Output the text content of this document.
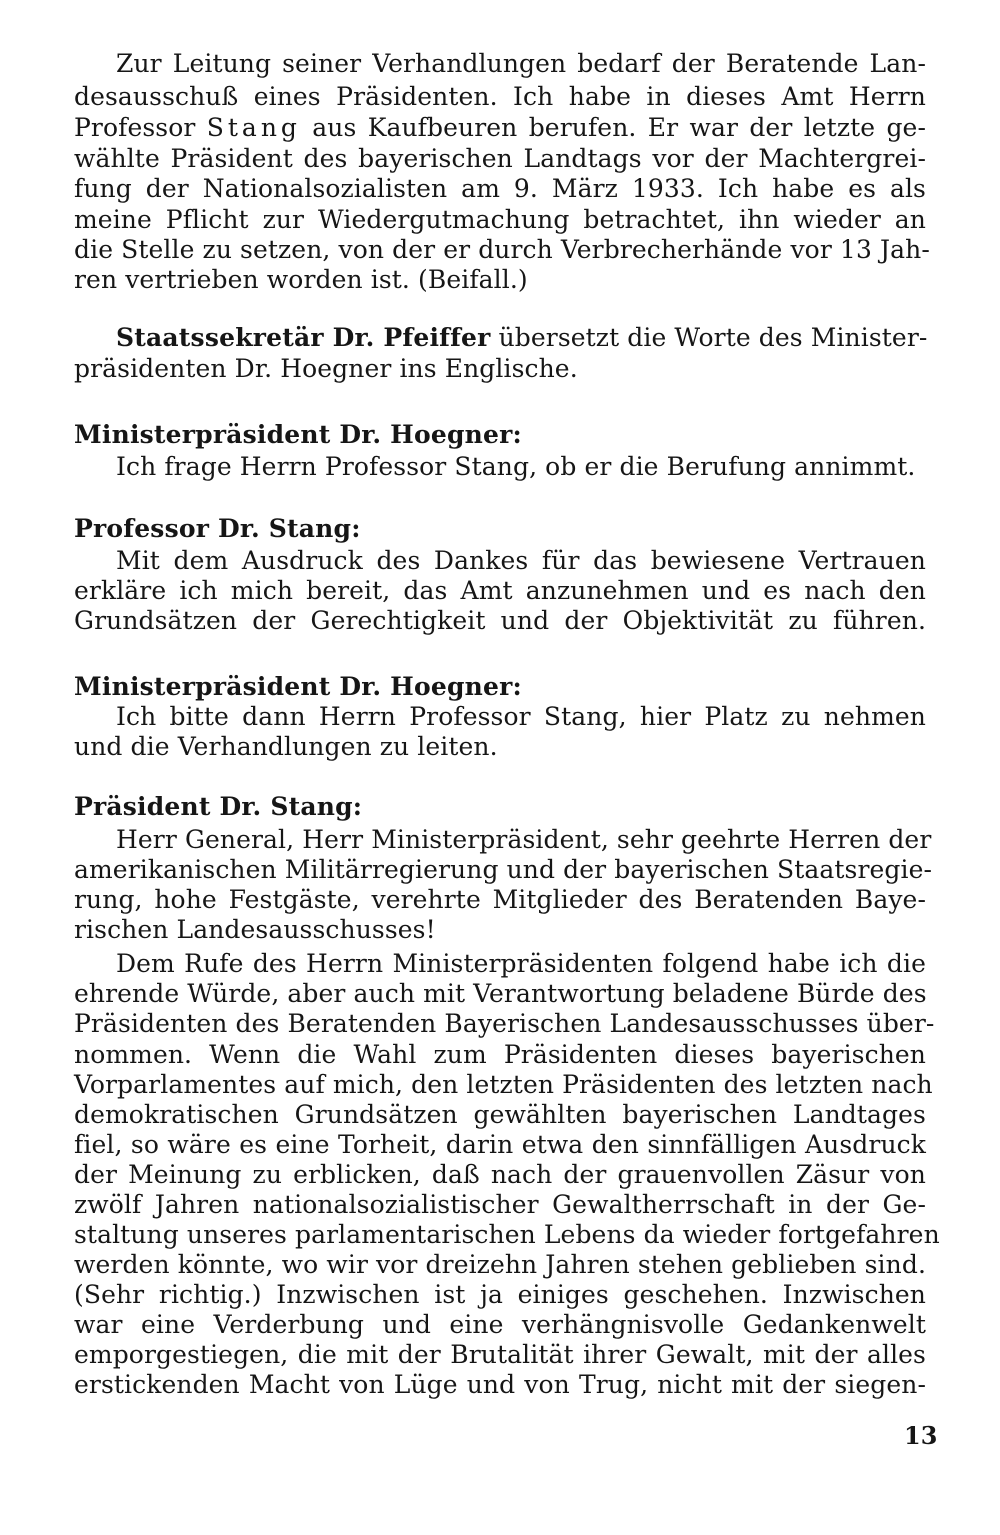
Zur Leitung seiner Verhandlungen bedarf der Beratende Lan-
desausschuß eines Präsidenten. Ich habe in dieses Amt Herrn
Professor Stang aus Kaufbeuren berufen. Er war der letzte ge-
wählte Präsident des bayerischen Landtags vor der Machtergrei-
fung der Nationalsozialisten am 9. März 1933. Ich habe es als
meine Pflicht zur Wiedergutmachung betrachtet, ihn wieder an
die Stelle zu setzen, von der er durch Verbrecherhände vor 13 Jah-
ren vertrieben worden ist. (Beifall.)
Staatssekretär Dr. Pfeiffer übersetzt die Worte des Minister-
präsidenten Dr. Hoegner ins Englische.
Ministerpräsident Dr. Hoegner:
Ich frage Herrn Professor Stang, ob er die Berufung annimmt.
Professor Dr. Stang:
Mit dem Ausdruck des Dankes für das bewiesene Vertrauen
erkläre ich mich bereit, das Amt anzunehmen und es nach den
Grundsätzen der Gerechtigkeit und der Objektivität zu führen.
Ministerpräsident Dr. Hoegner:
Ich bitte dann Herrn Professor Stang, hier Platz zu nehmen
und die Verhandlungen zu leiten.
Präsident Dr. Stang:
Herr General, Herr Ministerpräsident, sehr geehrte Herren der
amerikanischen Militärregierung und der bayerischen Staatsregie-
rung, hohe Festgäste, verehrte Mitglieder des Beratenden Baye-
rischen Landesausschusses!
Dem Rufe des Herrn Ministerpräsidenten folgend habe ich die
ehrende Würde, aber auch mit Verantwortung beladene Bürde des
Präsidenten des Beratenden Bayerischen Landesausschusses über-
nommen. Wenn die Wahl zum Präsidenten dieses bayerischen
Vorparlamentes auf mich, den letzten Präsidenten des letzten nach
demokratischen Grundsätzen gewählten bayerischen Landtages
fiel, so wäre es eine Torheit, darin etwa den sinnfälligen Ausdruck
der Meinung zu erblicken, daß nach der grauenvollen Zäsur von
zwölf Jahren nationalsozialistischer Gewaltherrschaft in der Ge-
staltung unseres parlamentarischen Lebens da wieder fortgefahren
werden könnte, wo wir vor dreizehn Jahren stehen geblieben sind.
(Sehr richtig.) Inzwischen ist ja einiges geschehen. Inzwischen
war eine Verderbung und eine verhängnisvolle Gedankenwelt
emporgestiegen, die mit der Brutalität ihrer Gewalt, mit der alles
erstickenden Macht von Lüge und von Trug, nicht mit der siegen-
13
